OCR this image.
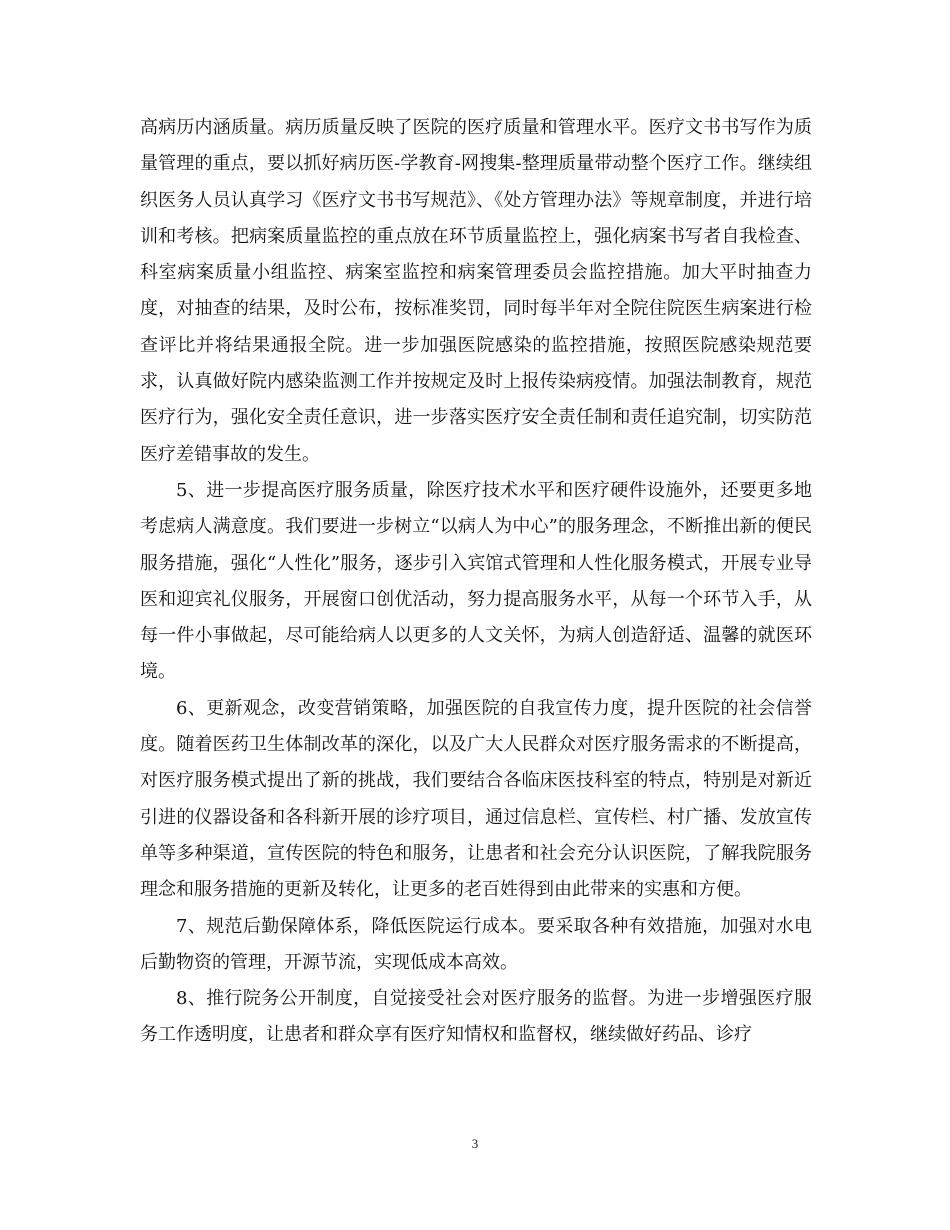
高病历内涵质量。病历质量反映了医院的医疗质量和管理水平。医疗文书书写作为质量管理的重点，要以抓好病历医-学教育-网搜集-整理质量带动整个医疗工作。继续组织医务人员认真学习《医疗文书书写规范》、《处方管理办法》等规章制度，并进行培训和考核。把病案质量监控的重点放在环节质量监控上，强化病案书写者自我检查、科室病案质量小组监控、病案室监控和病案管理委员会监控措施。加大平时抽查力度，对抽查的结果，及时公布，按标准奖罚，同时每半年对全院住院医生病案进行检查评比并将结果通报全院。进一步加强医院感染的监控措施，按照医院感染规范要求，认真做好院内感染监测工作并按规定及时上报传染病疫情。加强法制教育，规范医疗行为，强化安全责任意识，进一步落实医疗安全责任制和责任追究制，切实防范医疗差错事故的发生。

5、进一步提高医疗服务质量，除医疗技术水平和医疗硬件设施外，还要更多地考虑病人满意度。我们要进一步树立“以病人为中心”的服务理念，不断推出新的便民服务措施，强化“人性化”服务，逐步引入宾馆式管理和人性化服务模式，开展专业导医和迎宾礼仪服务，开展窗口创优活动，努力提高服务水平，从每一个环节入手，从每一件小事做起，尽可能给病人以更多的人文关怀，为病人创造舒适、温馨的就医环境。

6、更新观念，改变营销策略，加强医院的自我宣传力度，提升医院的社会信誉度。随着医药卫生体制改革的深化，以及广大人民群众对医疗服务需求的不断提高，对医疗服务模式提出了新的挑战，我们要结合各临床医技科室的特点，特别是对新近引进的仪器设备和各科新开展的诊疗项目，通过信息栏、宣传栏、村广播、发放宣传单等多种渠道，宣传医院的特色和服务，让患者和社会充分认识医院，了解我院服务理念和服务措施的更新及转化，让更多的老百姓得到由此带来的实惠和方便。

7、规范后勤保障体系，降低医院运行成本。要采取各种有效措施，加强对水电后勤物资的管理，开源节流，实现低成本高效。

8、推行院务公开制度，自觉接受社会对医疗服务的监督。为进一步增强医疗服务工作透明度，让患者和群众享有医疗知情权和监督权，继续做好药品、诊疗

3
